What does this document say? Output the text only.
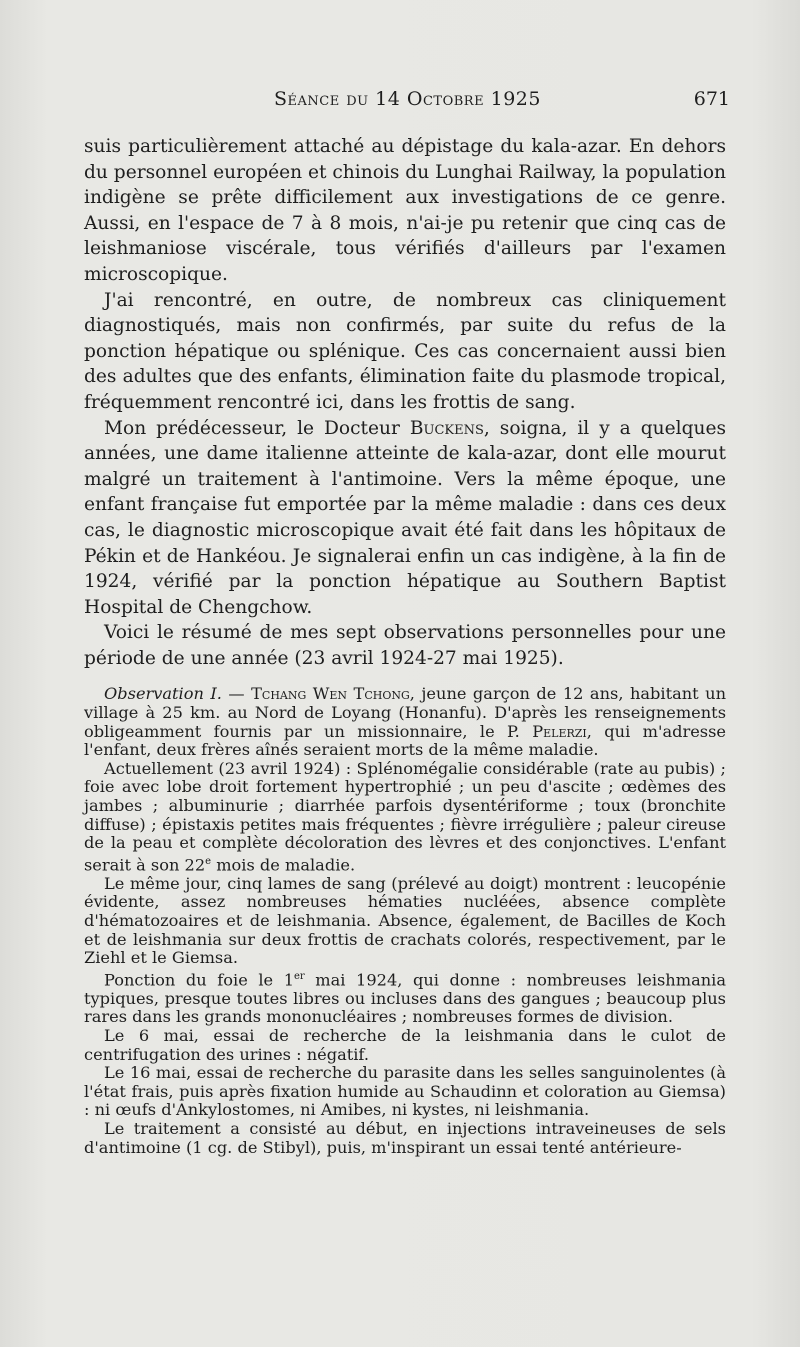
Séance du 14 Octobre 1925	671

suis particulièrement attaché au dépistage du kala-azar. En dehors du personnel européen et chinois du Lunghai Railway, la population indigène se prête difficilement aux investigations de ce genre. Aussi, en l'espace de 7 à 8 mois, n'ai-je pu retenir que cinq cas de leishmaniose viscérale, tous vérifiés d'ailleurs par l'examen microscopique.

J'ai rencontré, en outre, de nombreux cas cliniquement diagnostiqués, mais non confirmés, par suite du refus de la ponction hépatique ou splénique. Ces cas concernaient aussi bien des adultes que des enfants, élimination faite du plasmode tropical, fréquemment rencontré ici, dans les frottis de sang.

Mon prédécesseur, le Docteur Buckens, soigna, il y a quelques années, une dame italienne atteinte de kala-azar, dont elle mourut malgré un traitement à l'antimoine. Vers la même époque, une enfant française fut emportée par la même maladie : dans ces deux cas, le diagnostic microscopique avait été fait dans les hôpitaux de Pékin et de Hankéou. Je signalerai enfin un cas indigène, à la fin de 1924, vérifié par la ponction hépatique au Southern Baptist Hospital de Chengchow.

Voici le résumé de mes sept observations personnelles pour une période de une année (23 avril 1924-27 mai 1925).

Observation I. — Tchang Wen Tchong, jeune garçon de 12 ans, habitant un village à 25 km. au Nord de Loyang (Honanfu). D'après les renseignements obligeamment fournis par un missionnaire, le P. Pelerzi, qui m'adresse l'enfant, deux frères aînés seraient morts de la même maladie.

Actuellement (23 avril 1924) : Splénomégalie considérable (rate au pubis) ; foie avec lobe droit fortement hypertrophié ; un peu d'ascite ; œdèmes des jambes ; albuminurie ; diarrhée parfois dysentériforme ; toux (bronchite diffuse) ; épistaxis petites mais fréquentes ; fièvre irrégulière ; paleur cireuse de la peau et complète décoloration des lèvres et des conjonctives. L'enfant serait à son 22e mois de maladie.

Le même jour, cinq lames de sang (prélevé au doigt) montrent : leucopénie évidente, assez nombreuses hématies nucléées, absence complète d'hématozoaires et de leishmania. Absence, également, de Bacilles de Koch et de leishmania sur deux frottis de crachats colorés, respectivement, par le Ziehl et le Giemsa.

Ponction du foie le 1er mai 1924, qui donne : nombreuses leishmania typiques, presque toutes libres ou incluses dans des gangues ; beaucoup plus rares dans les grands mononucléaires ; nombreuses formes de division.

Le 6 mai, essai de recherche de la leishmania dans le culot de centrifugation des urines : négatif.

Le 16 mai, essai de recherche du parasite dans les selles sanguinolentes (à l'état frais, puis après fixation humide au Schaudinn et coloration au Giemsa) : ni œufs d'Ankylostomes, ni Amibes, ni kystes, ni leishmania.

Le traitement a consisté au début, en injections intraveineuses de sels d'antimoine (1 cg. de Stibyl), puis, m'inspirant un essai tenté antérieure-
